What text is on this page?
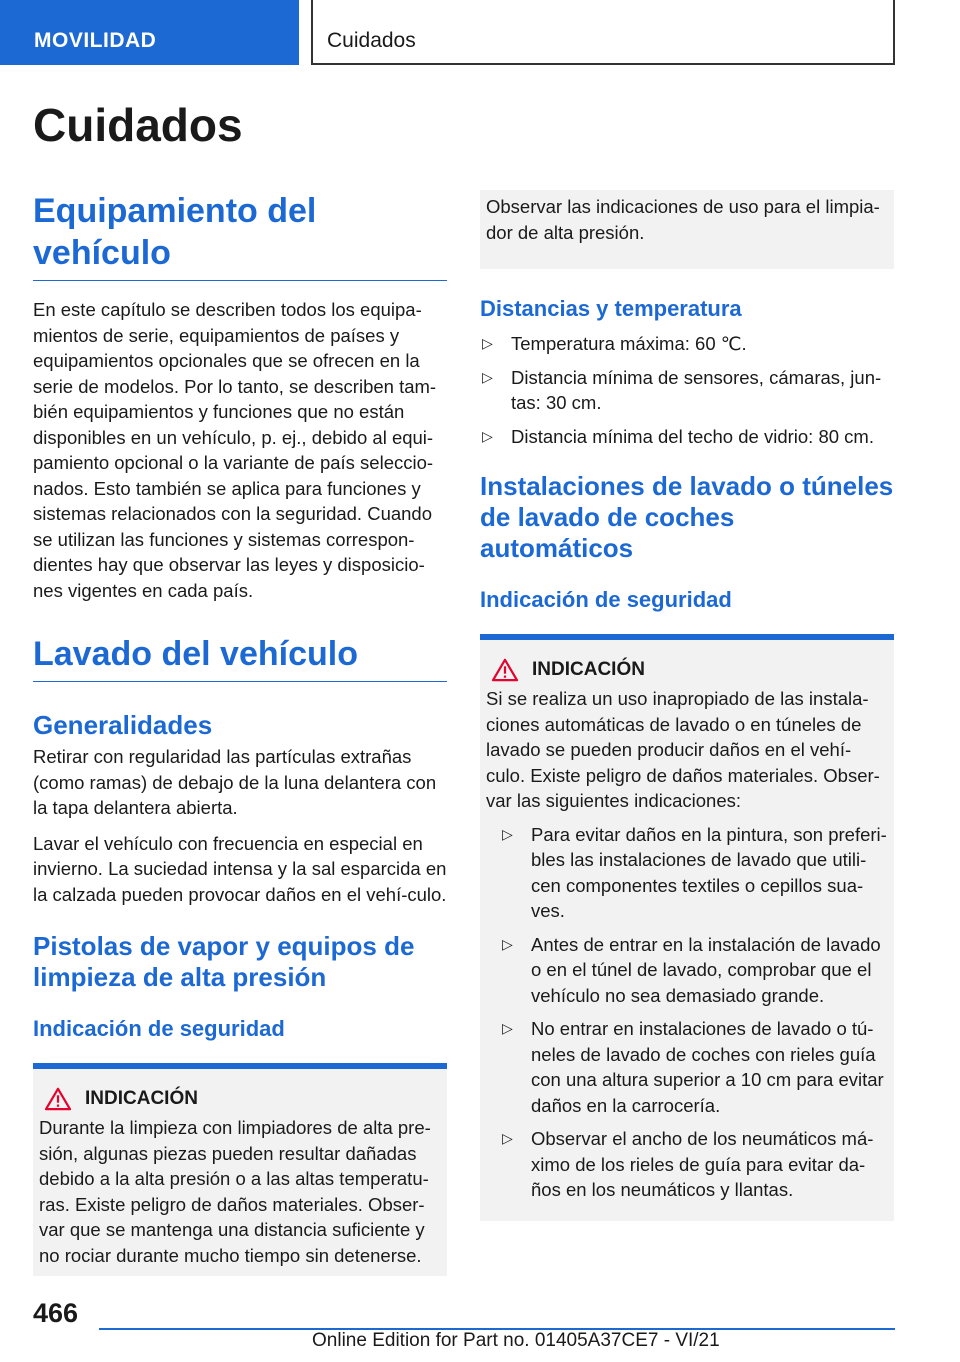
MOVILIDAD	Cuidados
Cuidados
Equipamiento del vehículo

En este capítulo se describen todos los equipa-mientos de serie, equipamientos de países y equipamientos opcionales que se ofrecen en la serie de modelos. Por lo tanto, se describen tam-bién equipamientos y funciones que no están disponibles en un vehículo, p. ej., debido al equi-pamiento opcional o la variante de país seleccio-nados. Esto también se aplica para funciones y sistemas relacionados con la seguridad. Cuando se utilizan las funciones y sistemas correspon-dientes hay que observar las leyes y disposicio-nes vigentes en cada país.

Lavado del vehículo
Generalidades

Retirar con regularidad las partículas extrañas (como ramas) de debajo de la luna delantera con la tapa delantera abierta.

Lavar el vehículo con frecuencia en especial en invierno. La suciedad intensa y la sal esparcida en la calzada pueden provocar daños en el vehí-culo.

Pistolas de vapor y equipos de limpieza de alta presión
Indicación de seguridad
INDICACIÓN

Durante la limpieza con limpiadores de alta pre-sión, algunas piezas pueden resultar dañadas debido a la alta presión o a las altas temperatu-ras. Existe peligro de daños materiales. Obser-var que se mantenga una distancia suficiente y no rociar durante mucho tiempo sin detenerse.

Observar las indicaciones de uso para el limpia-dor de alta presión.

Distancias y temperatura
▷ Temperatura máxima: 60 ℃.
▷ Distancia mínima de sensores, cámaras, jun-tas: 30 cm.
▷ Distancia mínima del techo de vidrio: 80 cm.
Instalaciones de lavado o túneles de lavado de coches automáticos
Indicación de seguridad
INDICACIÓN

Si se realiza un uso inapropiado de las instala-ciones automáticas de lavado o en túneles de lavado se pueden producir daños en el vehí-culo. Existe peligro de daños materiales. Obser-var las siguientes indicaciones:

▷ Para evitar daños en la pintura, son preferi-bles las instalaciones de lavado que utili-cen componentes textiles o cepillos sua-ves.
▷ Antes de entrar en la instalación de lavado o en el túnel de lavado, comprobar que el vehículo no sea demasiado grande.
▷ No entrar en instalaciones de lavado o tú-neles de lavado de coches con rieles guía con una altura superior a 10 cm para evitar daños en la carrocería.
▷ Observar el ancho de los neumáticos má-ximo de los rieles de guía para evitar da-ños en los neumáticos y llantas.
466
Online Edition for Part no. 01405A37CE7 - VI/21
